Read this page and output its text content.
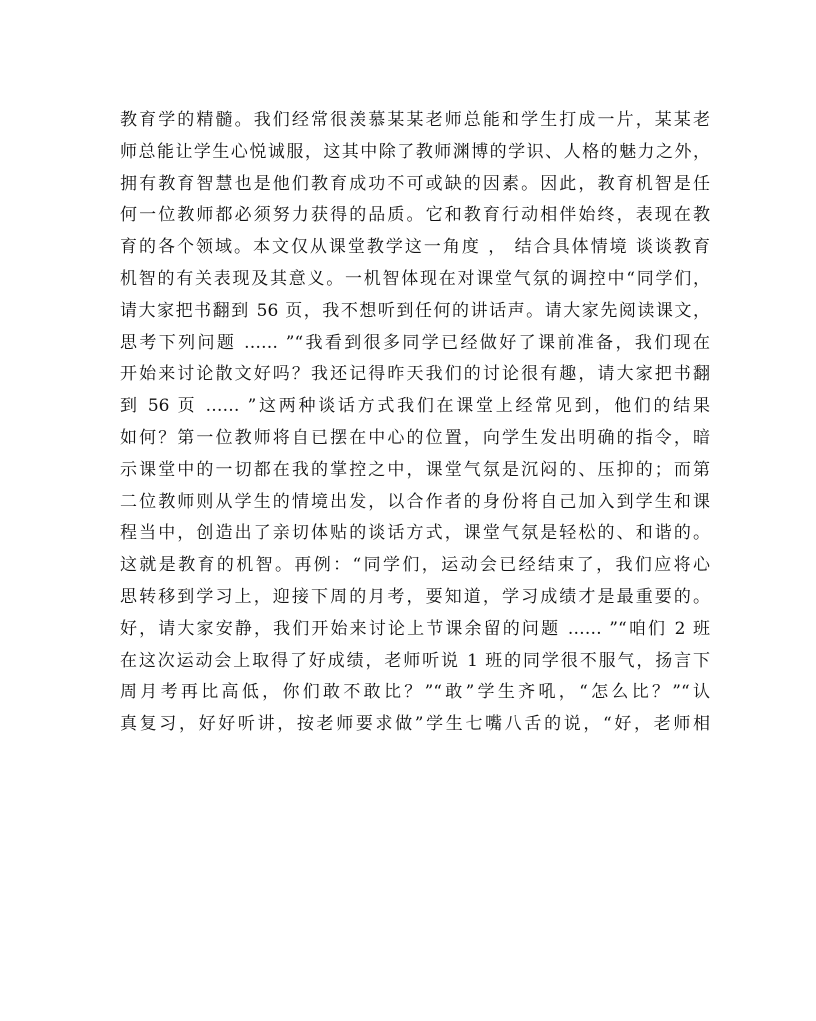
教育学的精髓。我们经常很羡慕某某老师总能和学生打成一片，某某老
师总能让学生心悦诚服，这其中除了教师渊博的学识、人格的魅力之外，
拥有教育智慧也是他们教育成功不可或缺的因素。因此，教育机智是任
何一位教师都必须努力获得的品质。它和教育行动相伴始终，表现在教
育的各个领域。本文仅从课堂教学这一角度 ， 结合具体情境 谈谈教育
机智的有关表现及其意义。一机智体现在对课堂气氛的调控中“同学们，
请大家把书翻到 56 页，我不想听到任何的讲话声。请大家先阅读课文，
思考下列问题 …… ”“我看到很多同学已经做好了课前准备，我们现在
开始来讨论散文好吗？我还记得昨天我们的讨论很有趣，请大家把书翻
到 56 页 …… ”这两种谈话方式我们在课堂上经常见到，他们的结果
如何？第一位教师将自已摆在中心的位置，向学生发出明确的指令，暗
示课堂中的一切都在我的掌控之中，课堂气氛是沉闷的、压抑的；而第
二位教师则从学生的情境出发，以合作者的身份将自己加入到学生和课
程当中，创造出了亲切体贴的谈话方式，课堂气氛是轻松的、和谐的。
这就是教育的机智。再例：“同学们，运动会已经结束了，我们应将心
思转移到学习上，迎接下周的月考，要知道，学习成绩才是最重要的。
好，请大家安静，我们开始来讨论上节课余留的问题 …… ”“咱们 2 班
在这次运动会上取得了好成绩，老师听说 1 班的同学很不服气，扬言下
周月考再比高低，你们敢不敢比？”“敢”学生齐吼，“怎么比？”“认
真复习，好好听讲，按老师要求做”学生七嘴八舌的说，“好，老师相
